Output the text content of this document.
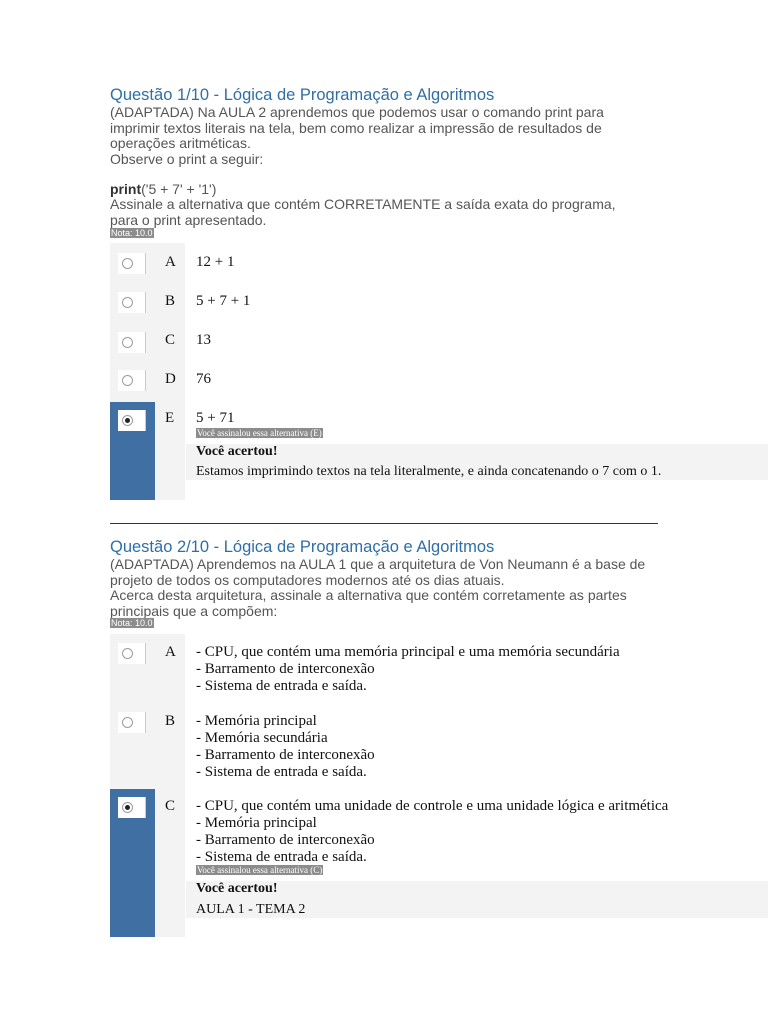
Questão 1/10 - Lógica de Programação e Algoritmos
(ADAPTADA) Na AULA 2 aprendemos que podemos usar o comando print para
imprimir textos literais na tela, bem como realizar a impressão de resultados de
operações aritméticas.
Observe o print a seguir:
print('5 + 7' + '1')
Assinale a alternativa que contém CORRETAMENTE a saída exata do programa,
para o print apresentado.
Nota: 10.0
A 12 + 1
B 5 + 7 + 1
C 13
D 76
E 5 + 71
Você assinalou essa alternativa (E)
Você acertou!
Estamos imprimindo textos na tela literalmente, e ainda concatenando o 7 com o 1.
Questão 2/10 - Lógica de Programação e Algoritmos
(ADAPTADA) Aprendemos na AULA 1 que a arquitetura de Von Neumann é a base de
projeto de todos os computadores modernos até os dias atuais.
Acerca desta arquitetura, assinale a alternativa que contém corretamente as partes
principais que a compõem:
Nota: 10.0
A - CPU, que contém uma memória principal e uma memória secundária
- Barramento de interconexão
- Sistema de entrada e saída.
B - Memória principal
- Memória secundária
- Barramento de interconexão
- Sistema de entrada e saída.
C - CPU, que contém uma unidade de controle e uma unidade lógica e aritmética
- Memória principal
- Barramento de interconexão
- Sistema de entrada e saída.
Você assinalou essa alternativa (C)
Você acertou!
AULA 1 - TEMA 2
